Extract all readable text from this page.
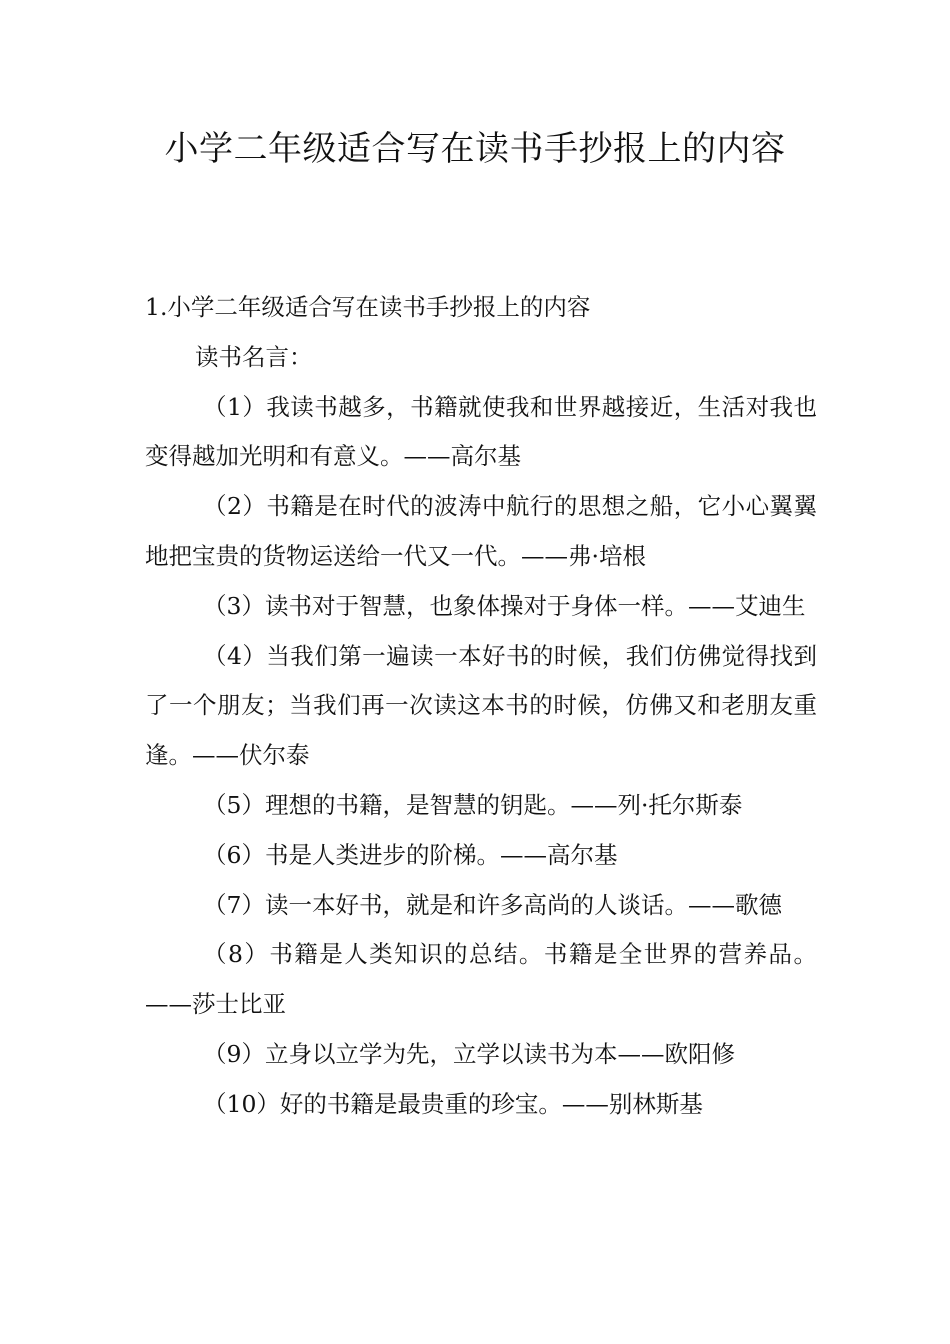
小学二年级适合写在读书手抄报上的内容
1.小学二年级适合写在读书手抄报上的内容

读书名言：

（1）我读书越多，书籍就使我和世界越接近，生活对我也变得越加光明和有意义。——高尔基
（2）书籍是在时代的波涛中航行的思想之船，它小心翼翼地把宝贵的货物运送给一代又一代。——弗·培根
（3）读书对于智慧，也象体操对于身体一样。——艾迪生
（4）当我们第一遍读一本好书的时候，我们仿佛觉得找到了一个朋友；当我们再一次读这本书的时候，仿佛又和老朋友重逢。——伏尔泰
（5）理想的书籍，是智慧的钥匙。——列·托尔斯泰
（6）书是人类进步的阶梯。——高尔基
（7）读一本好书，就是和许多高尚的人谈话。——歌德
（8）书籍是人类知识的总结。书籍是全世界的营养品。——莎士比亚
（9）立身以立学为先，立学以读书为本——欧阳修
（10）好的书籍是最贵重的珍宝。——别林斯基
